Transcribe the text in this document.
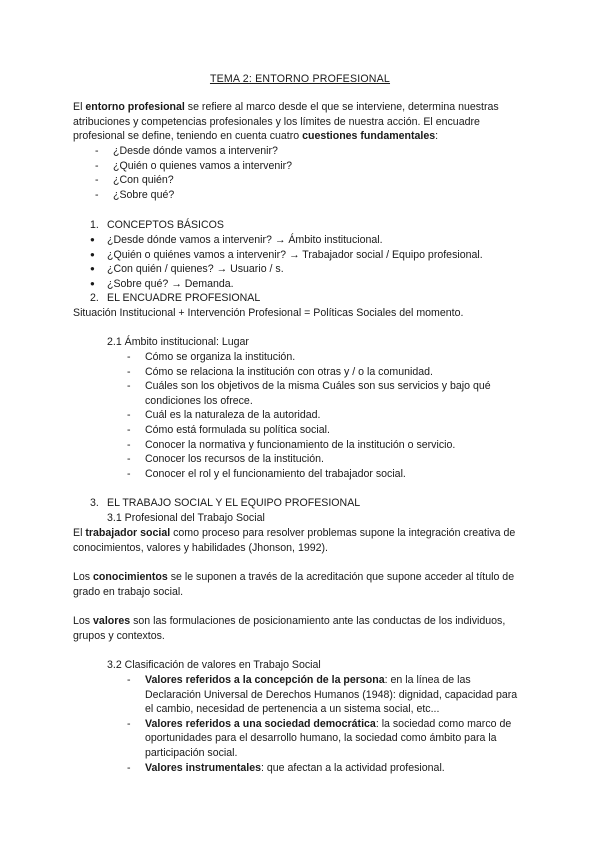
TEMA 2: ENTORNO PROFESIONAL
El entorno profesional se refiere al marco desde el que se interviene, determina nuestras atribuciones y competencias profesionales y los límites de nuestra acción. El encuadre profesional se define, teniendo en cuenta cuatro cuestiones fundamentales:
- ¿Desde dónde vamos a intervenir?
- ¿Quién o quienes vamos a intervenir?
- ¿Con quién?
- ¿Sobre qué?
1. CONCEPTOS BÁSICOS
● ¿Desde dónde vamos a intervenir? → Ámbito institucional.
● ¿Quién o quiénes vamos a intervenir? → Trabajador social / Equipo profesional.
● ¿Con quién / quienes? → Usuario / s.
● ¿Sobre qué? → Demanda.
2. EL ENCUADRE PROFESIONAL
Situación Institucional + Intervención Profesional = Políticas Sociales del momento.
2.1 Ámbito institucional: Lugar
- Cómo se organiza la institución.
- Cómo se relaciona la institución con otras y / o la comunidad.
- Cuáles son los objetivos de la misma Cuáles son sus servicios y bajo qué condiciones los ofrece.
- Cuál es la naturaleza de la autoridad.
- Cómo está formulada su política social.
- Conocer la normativa y funcionamiento de la institución o servicio.
- Conocer los recursos de la institución.
- Conocer el rol y el funcionamiento del trabajador social.
3. EL TRABAJO SOCIAL Y EL EQUIPO PROFESIONAL
3.1 Profesional del Trabajo Social
El trabajador social como proceso para resolver problemas supone la integración creativa de conocimientos, valores y habilidades (Jhonson, 1992).
Los conocimientos se le suponen a través de la acreditación que supone acceder al título de grado en trabajo social.
Los valores son las formulaciones de posicionamiento ante las conductas de los individuos, grupos y contextos.
3.2 Clasificación de valores en Trabajo Social
- Valores referidos a la concepción de la persona: en la línea de las Declaración Universal de Derechos Humanos (1948): dignidad, capacidad para el cambio, necesidad de pertenencia a un sistema social, etc...
- Valores referidos a una sociedad democrática: la sociedad como marco de oportunidades para el desarrollo humano, la sociedad como ámbito para la participación social.
- Valores instrumentales: que afectan a la actividad profesional.
